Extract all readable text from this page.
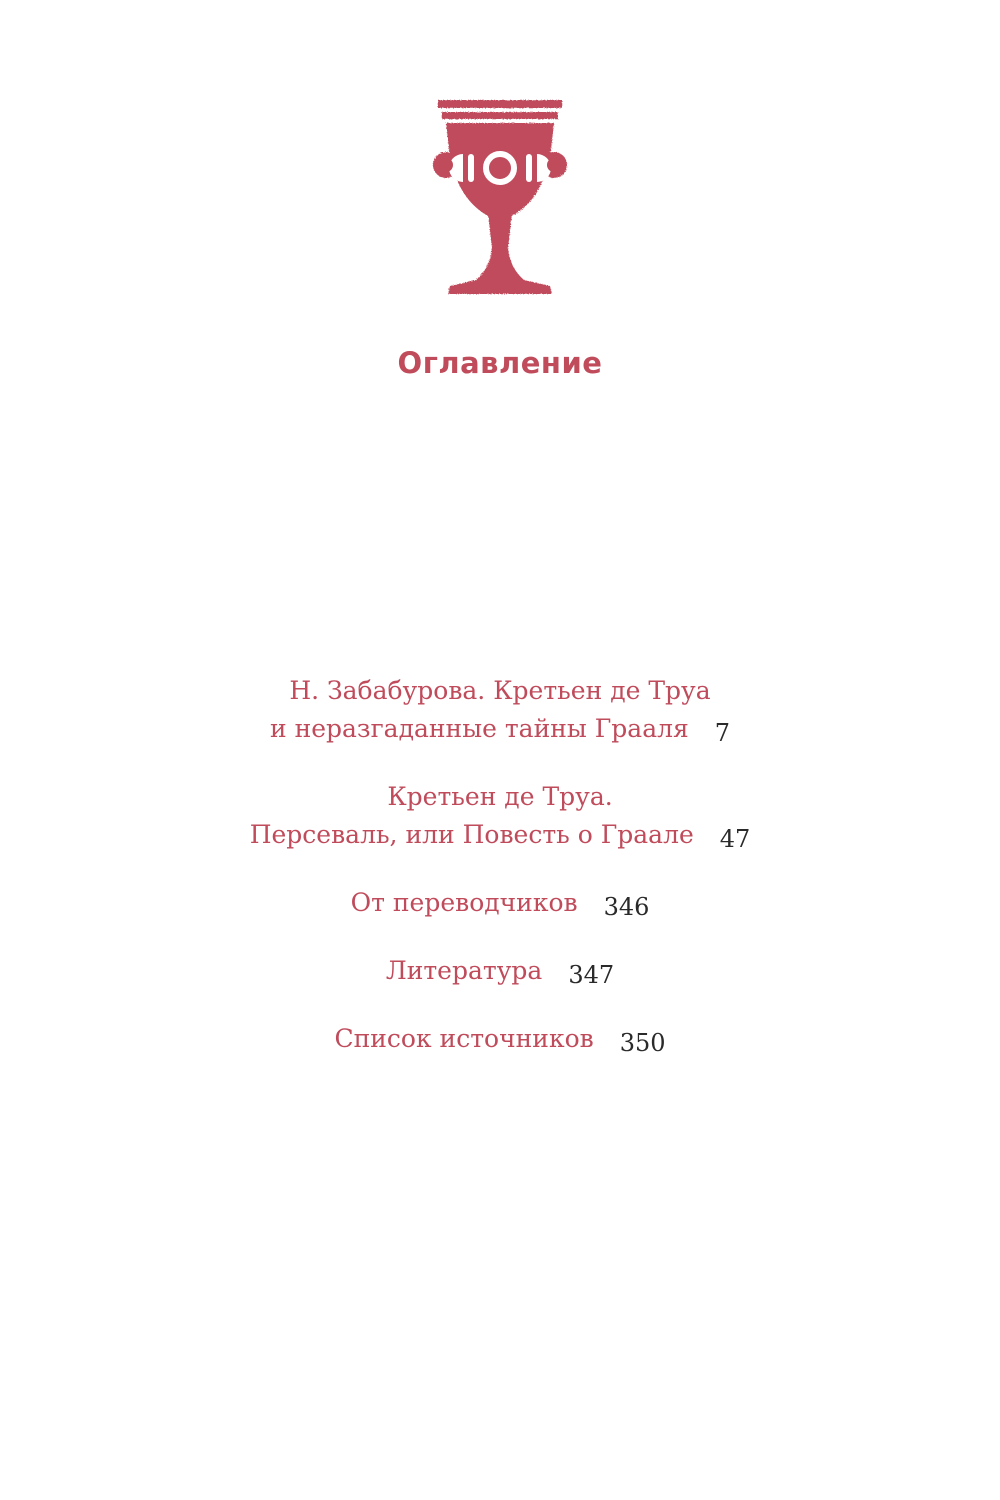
Оглавление
Н. Забабурова. Кретьен де Труа
и неразгаданные тайны Грааля 7
Кретьен де Труа.
Персеваль, или Повесть о Граале 47
От переводчиков 346
Литература 347
Список источников 350
